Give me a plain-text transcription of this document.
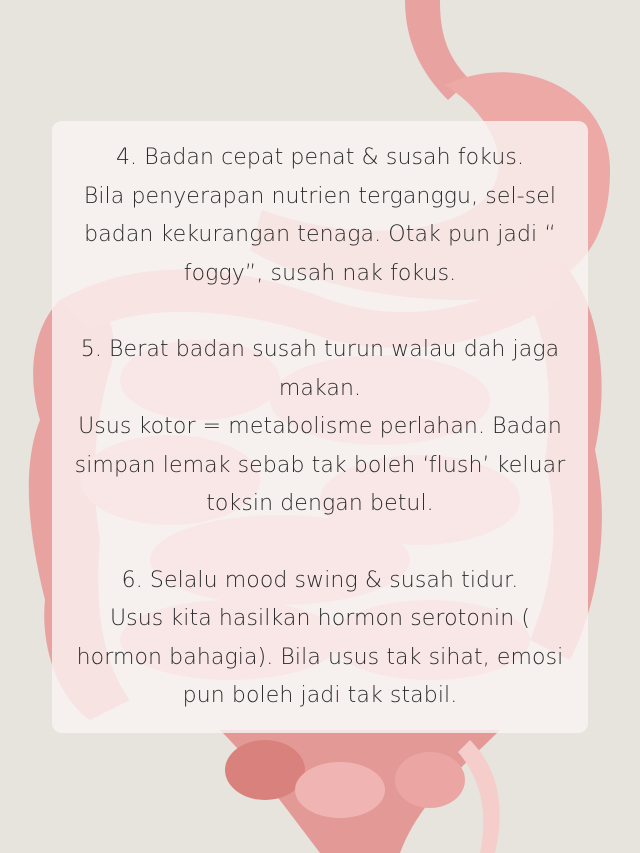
4. Badan cepat penat & susah fokus.
Bila penyerapan nutrien terganggu, sel-sel
badan kekurangan tenaga. Otak pun jadi “
foggy”, susah nak fokus.

5. Berat badan susah turun walau dah jaga
makan.
Usus kotor = metabolisme perlahan. Badan
simpan lemak sebab tak boleh ‘flush’ keluar
toksin dengan betul.

6. Selalu mood swing & susah tidur.
Usus kita hasilkan hormon serotonin (
hormon bahagia). Bila usus tak sihat, emosi
pun boleh jadi tak stabil.
